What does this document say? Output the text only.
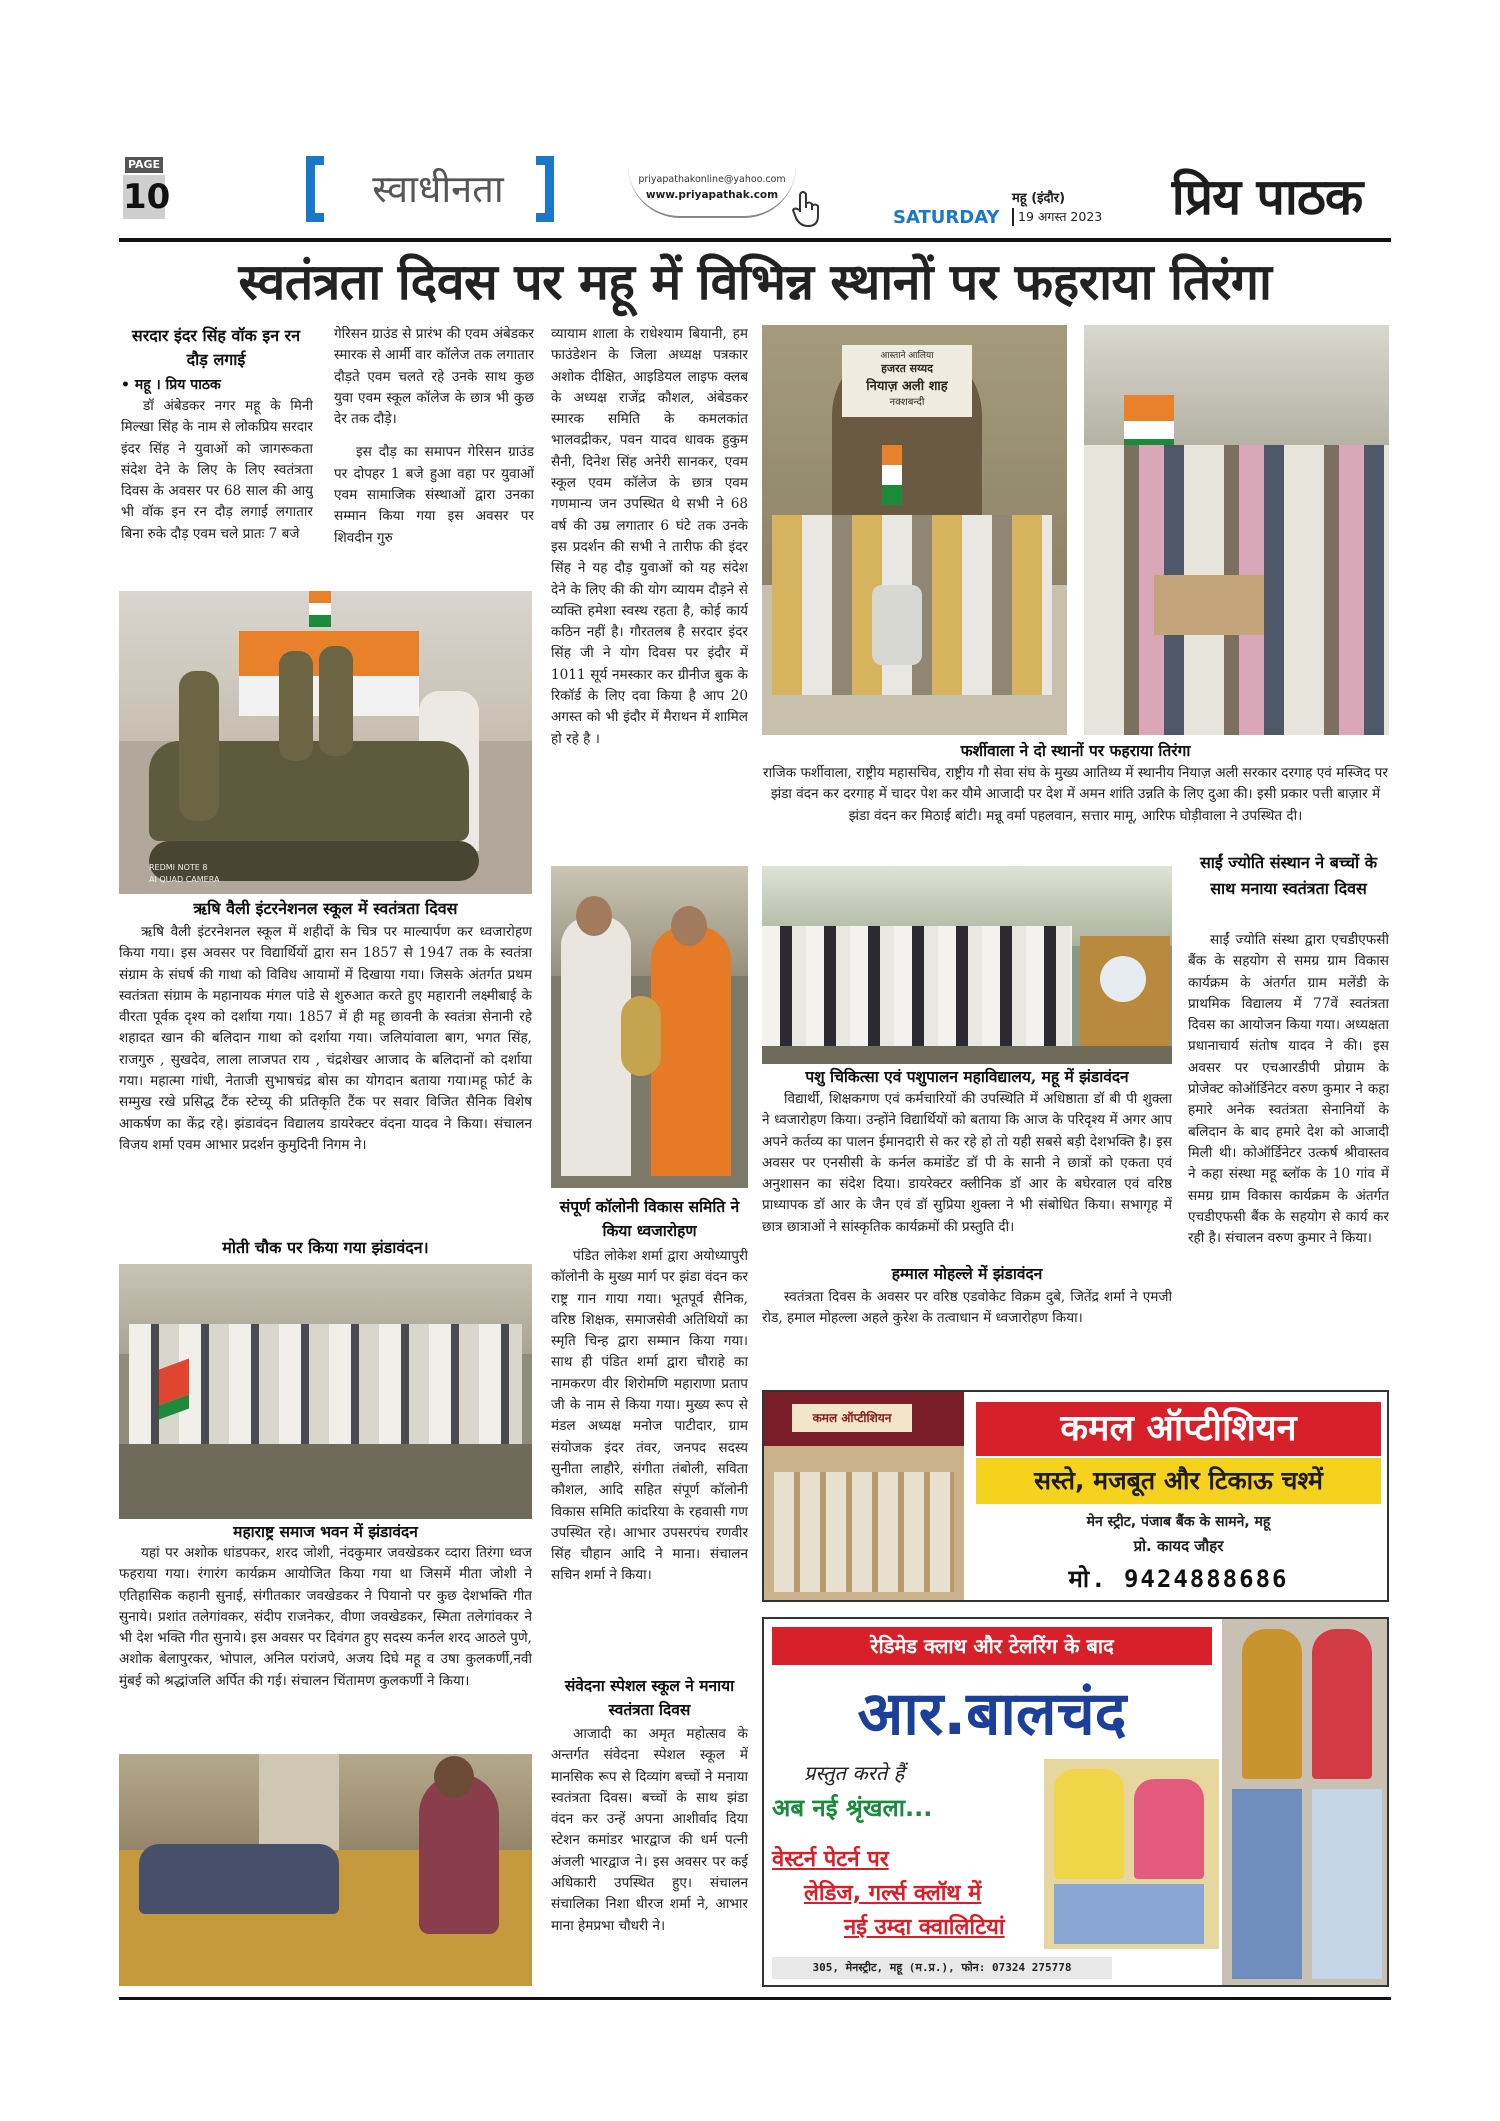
PAGE
10	स्वाधीनता	priyapathakonline@yahoo.com
www.priyapathak.com
SATURDAY
महू (इंदौर)
19 अगस्त 2023	प्रिय पाठक
स्वतंत्रता दिवस पर महू में विभिन्न स्थानों पर फहराया तिरंगा
सरदार इंदर सिंह वॉक इन रन दौड़ लगाई
• महू । प्रिय पाठक

डॉ अंबेडकर नगर महू के मिनी मिल्खा सिंह के नाम से लोकप्रिय सरदार इंदर सिंह ने युवाओं को जागरूकता संदेश देने के लिए के लिए स्वतंत्रता दिवस के अवसर पर 68 साल की आयु भी वॉक इन रन दौड़ लगाई लगातार बिना रुके दौड़ एवम चले प्रातः 7 बजे

गेरिसन ग्राउंड से प्रारंभ की एवम अंबेडकर स्मारक से आर्मी वार कॉलेज तक लगातार दौड़ते एवम चलते रहे उनके साथ कुछ युवा एवम स्कूल कॉलेज के छात्र भी कुछ देर तक दौड़े।

इस दौड़ का समापन गेरिसन ग्राउंड पर दोपहर 1 बजे हुआ वहा पर युवाओं एवम सामाजिक संस्थाओं द्वारा उनका सम्मान किया गया इस अवसर पर शिवदीन गुरु

व्यायाम शाला के राधेश्याम बियानी, हम फाउंडेशन के जिला अध्यक्ष पत्रकार अशोक दीक्षित, आइडियल लाइफ क्लब के अध्यक्ष राजेंद्र कौशल, अंबेडकर स्मारक समिति के कमलकांत भालवद्रीकर, पवन यादव धावक हुकुम सैनी, दिनेश सिंह अनेरी सानकर, एवम स्कूल एवम कॉलेज के छात्र एवम गणमान्य जन उपस्थित थे सभी ने 68 वर्ष की उम्र लगातार 6 घंटे तक उनके इस प्रदर्शन की सभी ने तारीफ की इंदर सिंह ने यह दौड़ युवाओं को यह संदेश देने के लिए की की योग व्यायम दौड़ने से व्यक्ति हमेशा स्वस्थ रहता है, कोई कार्य कठिन नहीं है। गौरतलब है सरदार इंदर सिंह जी ने योग दिवस पर इंदौर में 1011 सूर्य नमस्कार कर ग्रीनीज बुक के रिकॉर्ड के लिए दवा किया है आप 20 अगस्त को भी इंदौर में मैराथन में शामिल हो रहे है ।
REDMI NOTE 8
AI QUAD CAMERA
ऋषि वैली इंटरनेशनल स्कूल में स्वतंत्रता दिवस

ऋषि वैली इंटरनेशनल स्कूल में शहीदों के चित्र पर माल्यार्पण कर ध्वजारोहण किया गया। इस अवसर पर विद्यार्थियों द्वारा सन 1857 से 1947 तक के स्वतंत्रा संग्राम के संघर्ष की गाथा को विविध आयामों में दिखाया गया। जिसके अंतर्गत प्रथम स्वतंत्रता संग्राम के महानायक मंगल पांडे से शुरुआत करते हुए महारानी लक्ष्मीबाई के वीरता पूर्वक दृश्य को दर्शाया गया। 1857 में ही महू छावनी के स्वतंत्रा सेनानी रहे शहादत खान की बलिदान गाथा को दर्शाया गया। जलियांवाला बाग, भगत सिंह, राजगुरु , सुखदेव, लाला लाजपत राय , चंद्रशेखर आजाद के बलिदानों को दर्शाया गया। महात्मा गांधी, नेताजी सुभाषचंद्र बोस का योगदान बताया गया।महू फोर्ट के सम्मुख रखे प्रसिद्ध टैंक स्टेच्यू की प्रतिकृति टैंक पर सवार विजित सैनिक विशेष आकर्षण का केंद्र रहे। झंडावंदन विद्यालय डायरेक्टर वंदना यादव ने किया। संचालन विजय शर्मा एवम आभार प्रदर्शन कुमुदिनी निगम ने।

मोती चौक पर किया गया झंडावंदन।
महाराष्ट्र समाज भवन में झंडावंदन

यहां पर अशोक धांडपकर, शरद जोशी, नंदकुमार जवखेडकर व्दारा तिरंगा ध्वज फहराया गया। रंगारंग कार्यक्रम आयोजित किया गया था जिसमें मीता जोशी ने एतिहासिक कहानी सुनाई, संगीतकार जवखेडकर ने पियानो पर कुछ देशभक्ति गीत सुनाये। प्रशांत तलेगांवकर, संदीप राजनेकर, वीणा जवखेडकर, स्मिता तलेगांवकर ने भी देश भक्ति गीत सुनाये। इस अवसर पर दिवंगत हुए सदस्य कर्नल शरद आठले पुणे, अशोक बेलापुरकर, भोपाल, अनिल परांजपे, अजय दिघे महू व उषा कुलकर्णी,नवी मुंबई को श्रद्धांजलि अर्पित की गई। संचालन चिंतामण कुलकर्णी ने किया।

आस्ताने आलिया
हजरत सय्यद
नियाज़ अली शाह
नक्शबन्दी
फर्शीवाला ने दो स्थानों पर फहराया तिरंगा
राजिक फर्शीवाला, राष्ट्रीय महासचिव, राष्ट्रीय गौ सेवा संघ के मुख्य आतिथ्य में स्थानीय नियाज़ अली सरकार दरगाह एवं मस्जिद पर झंडा वंदन कर दरगाह में चादर पेश कर यौमे आजादी पर देश में अमन शांति उन्नति के लिए दुआ की। इसी प्रकार पत्ती बाज़ार में झंडा वंदन कर मिठाई बांटी। मन्नू वर्मा पहलवान, सत्तार मामू, आरिफ घोड़ीवाला ने उपस्थित दी।
संपूर्ण कॉलोनी विकास समिति ने किया ध्वजारोहण

पंडित लोकेश शर्मा द्वारा अयोध्यापुरी कॉलोनी के मुख्य मार्ग पर झंडा वंदन कर राष्ट्र गान गाया गया। भूतपूर्व सैनिक, वरिष्ठ शिक्षक, समाजसेवी अतिथियों का स्मृति चिन्ह द्वारा सम्मान किया गया। साथ ही पंडित शर्मा द्वारा चौराहे का नामकरण वीर शिरोमणि महाराणा प्रताप जी के नाम से किया गया। मुख्य रूप से मंडल अध्यक्ष मनोज पाटीदार, ग्राम संयोजक इंदर तंवर, जनपद सदस्य सुनीता लाहौरे, संगीता तंबोली, सविता कौशल, आदि सहित संपूर्ण कॉलोनी विकास समिति कांदरिया के रहवासी गण उपस्थित रहे। आभार उपसरपंच रणवीर सिंह चौहान आदि ने माना। संचालन सचिन शर्मा ने किया।

संवेदना स्पेशल स्कूल ने मनाया स्वतंत्रता दिवस

आजादी का अमृत महोत्सव के अन्तर्गत संवेदना स्पेशल स्कूल में मानसिक रूप से दिव्यांग बच्चों ने मनाया स्वतंत्रता दिवस। बच्चों के साथ झंडा वंदन कर उन्हें अपना आशीर्वाद दिया स्टेशन कमांडर भारद्वाज की धर्म पत्नी अंजली भारद्वाज ने। इस अवसर पर कई अधिकारी उपस्थित हुए। संचालन संचालिका निशा धीरज शर्मा ने, आभार माना हेमप्रभा चौधरी ने।

पशु चिकित्सा एवं पशुपालन महाविद्यालय, महू में झंडावंदन

विद्यार्थी, शिक्षकगण एवं कर्मचारियों की उपस्थिति में अधिष्ठाता डॉ बी पी शुक्ला ने ध्वजारोहण किया। उन्होंने विद्यार्थियों को बताया कि आज के परिदृश्य में अगर आप अपने कर्तव्य का पालन ईमानदारी से कर रहे हो तो यही सबसे बड़ी देशभक्ति है। इस अवसर पर एनसीसी के कर्नल कमांडेंट डॉ पी के सानी ने छात्रों को एकता एवं अनुशासन का संदेश दिया। डायरेक्टर क्लीनिक डॉ आर के बघेरवाल एवं वरिष्ठ प्राध्यापक डॉ आर के जैन एवं डॉ सुप्रिया शुक्ला ने भी संबोधित किया। सभागृह में छात्र छात्राओं ने सांस्कृतिक कार्यक्रमों की प्रस्तुति दी।

हम्माल मोहल्ले में झंडावंदन

स्वतंत्रता दिवस के अवसर पर वरिष्ठ एडवोकेट विक्रम दुबे, जितेंद्र शर्मा ने एमजी रोड, हमाल मोहल्ला अहले कुरेश के तत्वाधान में ध्वजारोहण किया।

साईं ज्योति संस्थान ने बच्चों के साथ मनाया स्वतंत्रता दिवस

साईं ज्योति संस्था द्वारा एचडीएफसी बैंक के सहयोग से समग्र ग्राम विकास कार्यक्रम के अंतर्गत ग्राम मलेंडी के प्राथमिक विद्यालय में 77वें स्वतंत्रता दिवस का आयोजन किया गया। अध्यक्षता प्रधानाचार्य संतोष यादव ने की। इस अवसर पर एचआरडीपी प्रोग्राम के प्रोजेक्ट कोऑर्डिनेटर वरुण कुमार ने कहा हमारे अनेक स्वतंत्रता सेनानियों के बलिदान के बाद हमारे देश को आजादी मिली थी। कोऑर्डिनेटर उत्कर्ष श्रीवास्तव ने कहा संस्था महू ब्लॉक के 10 गांव में समग्र ग्राम विकास कार्यक्रम के अंतर्गत एचडीएफसी बैंक के सहयोग से कार्य कर रही है। संचालन वरुण कुमार ने किया।

कमल ऑप्टीशियन	कमल ऑप्टीशियन
सस्ते, मजबूत और टिकाऊ चश्में
मेन स्ट्रीट, पंजाब बैंक के सामने, महू
प्रो. कायद जौहर
मो. 9424888686
रेडिमेड क्लाथ और टेलरिंग के बाद
आर.बालचंद
प्रस्तुत करते हैं
अब नई श्रृंखला...
वेस्टर्न पेटर्न पर
लेडिज, गर्ल्स क्लॉथ में
नई उम्दा क्वालिटियां
305, मेनस्ट्रीट, महू (म.प्र.), फोन: 07324 275778
